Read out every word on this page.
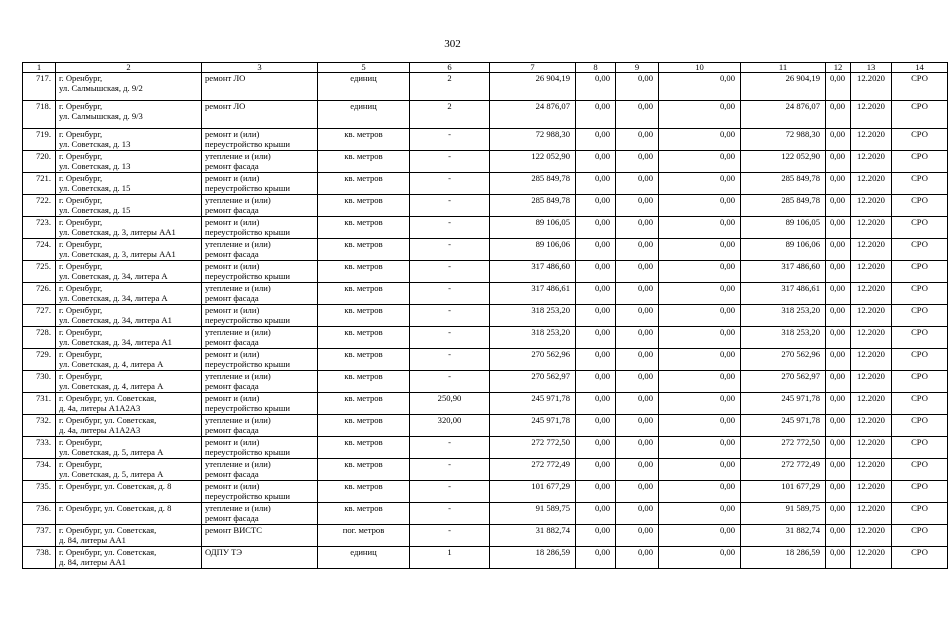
302
1	2	3	5	6	7	8	9	10	11	12	13	14
717.	г. Оренбург,
ул. Салмышская, д. 9/2	ремонт ЛО	единиц	2	26 904,19	0,00	0,00	0,00	26 904,19	0,00	12.2020	СРО
718.	г. Оренбург,
ул. Салмышская, д. 9/3	ремонт ЛО	единиц	2	24 876,07	0,00	0,00	0,00	24 876,07	0,00	12.2020	СРО
719.	г. Оренбург,
ул. Советская, д. 13	ремонт и (или)
переустройство крыши	кв. метров	-	72 988,30	0,00	0,00	0,00	72 988,30	0,00	12.2020	СРО
720.	г. Оренбург,
ул. Советская, д. 13	утепление и (или)
ремонт фасада	кв. метров	-	122 052,90	0,00	0,00	0,00	122 052,90	0,00	12.2020	СРО
721.	г. Оренбург,
ул. Советская, д. 15	ремонт и (или)
переустройство крыши	кв. метров	-	285 849,78	0,00	0,00	0,00	285 849,78	0,00	12.2020	СРО
722.	г. Оренбург,
ул. Советская, д. 15	утепление и (или)
ремонт фасада	кв. метров	-	285 849,78	0,00	0,00	0,00	285 849,78	0,00	12.2020	СРО
723.	г. Оренбург,
ул. Советская, д. 3, литеры АА1	ремонт и (или)
переустройство крыши	кв. метров	-	89 106,05	0,00	0,00	0,00	89 106,05	0,00	12.2020	СРО
724.	г. Оренбург,
ул. Советская, д. 3, литеры АА1	утепление и (или)
ремонт фасада	кв. метров	-	89 106,06	0,00	0,00	0,00	89 106,06	0,00	12.2020	СРО
725.	г. Оренбург,
ул. Советская, д. 34, литера А	ремонт и (или)
переустройство крыши	кв. метров	-	317 486,60	0,00	0,00	0,00	317 486,60	0,00	12.2020	СРО
726.	г. Оренбург,
ул. Советская, д. 34, литера А	утепление и (или)
ремонт фасада	кв. метров	-	317 486,61	0,00	0,00	0,00	317 486,61	0,00	12.2020	СРО
727.	г. Оренбург,
ул. Советская, д. 34, литера А1	ремонт и (или)
переустройство крыши	кв. метров	-	318 253,20	0,00	0,00	0,00	318 253,20	0,00	12.2020	СРО
728.	г. Оренбург,
ул. Советская, д. 34, литера А1	утепление и (или)
ремонт фасада	кв. метров	-	318 253,20	0,00	0,00	0,00	318 253,20	0,00	12.2020	СРО
729.	г. Оренбург,
ул. Советская, д. 4, литера А	ремонт и (или)
переустройство крыши	кв. метров	-	270 562,96	0,00	0,00	0,00	270 562,96	0,00	12.2020	СРО
730.	г. Оренбург,
ул. Советская, д. 4, литера А	утепление и (или)
ремонт фасада	кв. метров	-	270 562,97	0,00	0,00	0,00	270 562,97	0,00	12.2020	СРО
731.	г. Оренбург, ул. Советская,
д. 4а, литеры А1А2А3	ремонт и (или)
переустройство крыши	кв. метров	250,90	245 971,78	0,00	0,00	0,00	245 971,78	0,00	12.2020	СРО
732.	г. Оренбург, ул. Советская,
д. 4а, литеры А1А2А3	утепление и (или)
ремонт фасада	кв. метров	320,00	245 971,78	0,00	0,00	0,00	245 971,78	0,00	12.2020	СРО
733.	г. Оренбург,
ул. Советская, д. 5, литера А	ремонт и (или)
переустройство крыши	кв. метров	-	272 772,50	0,00	0,00	0,00	272 772,50	0,00	12.2020	СРО
734.	г. Оренбург,
ул. Советская, д. 5, литера А	утепление и (или)
ремонт фасада	кв. метров	-	272 772,49	0,00	0,00	0,00	272 772,49	0,00	12.2020	СРО
735.	г. Оренбург, ул. Советская, д. 8	ремонт и (или)
переустройство крыши	кв. метров	-	101 677,29	0,00	0,00	0,00	101 677,29	0,00	12.2020	СРО
736.	г. Оренбург, ул. Советская, д. 8	утепление и (или)
ремонт фасада	кв. метров	-	91 589,75	0,00	0,00	0,00	91 589,75	0,00	12.2020	СРО
737.	г. Оренбург, ул. Советская,
д. 84, литеры АА1	ремонт ВИСТС	пог. метров	-	31 882,74	0,00	0,00	0,00	31 882,74	0,00	12.2020	СРО
738.	г. Оренбург, ул. Советская,
д. 84, литеры АА1	ОДПУ ТЭ	единиц	1	18 286,59	0,00	0,00	0,00	18 286,59	0,00	12.2020	СРО
